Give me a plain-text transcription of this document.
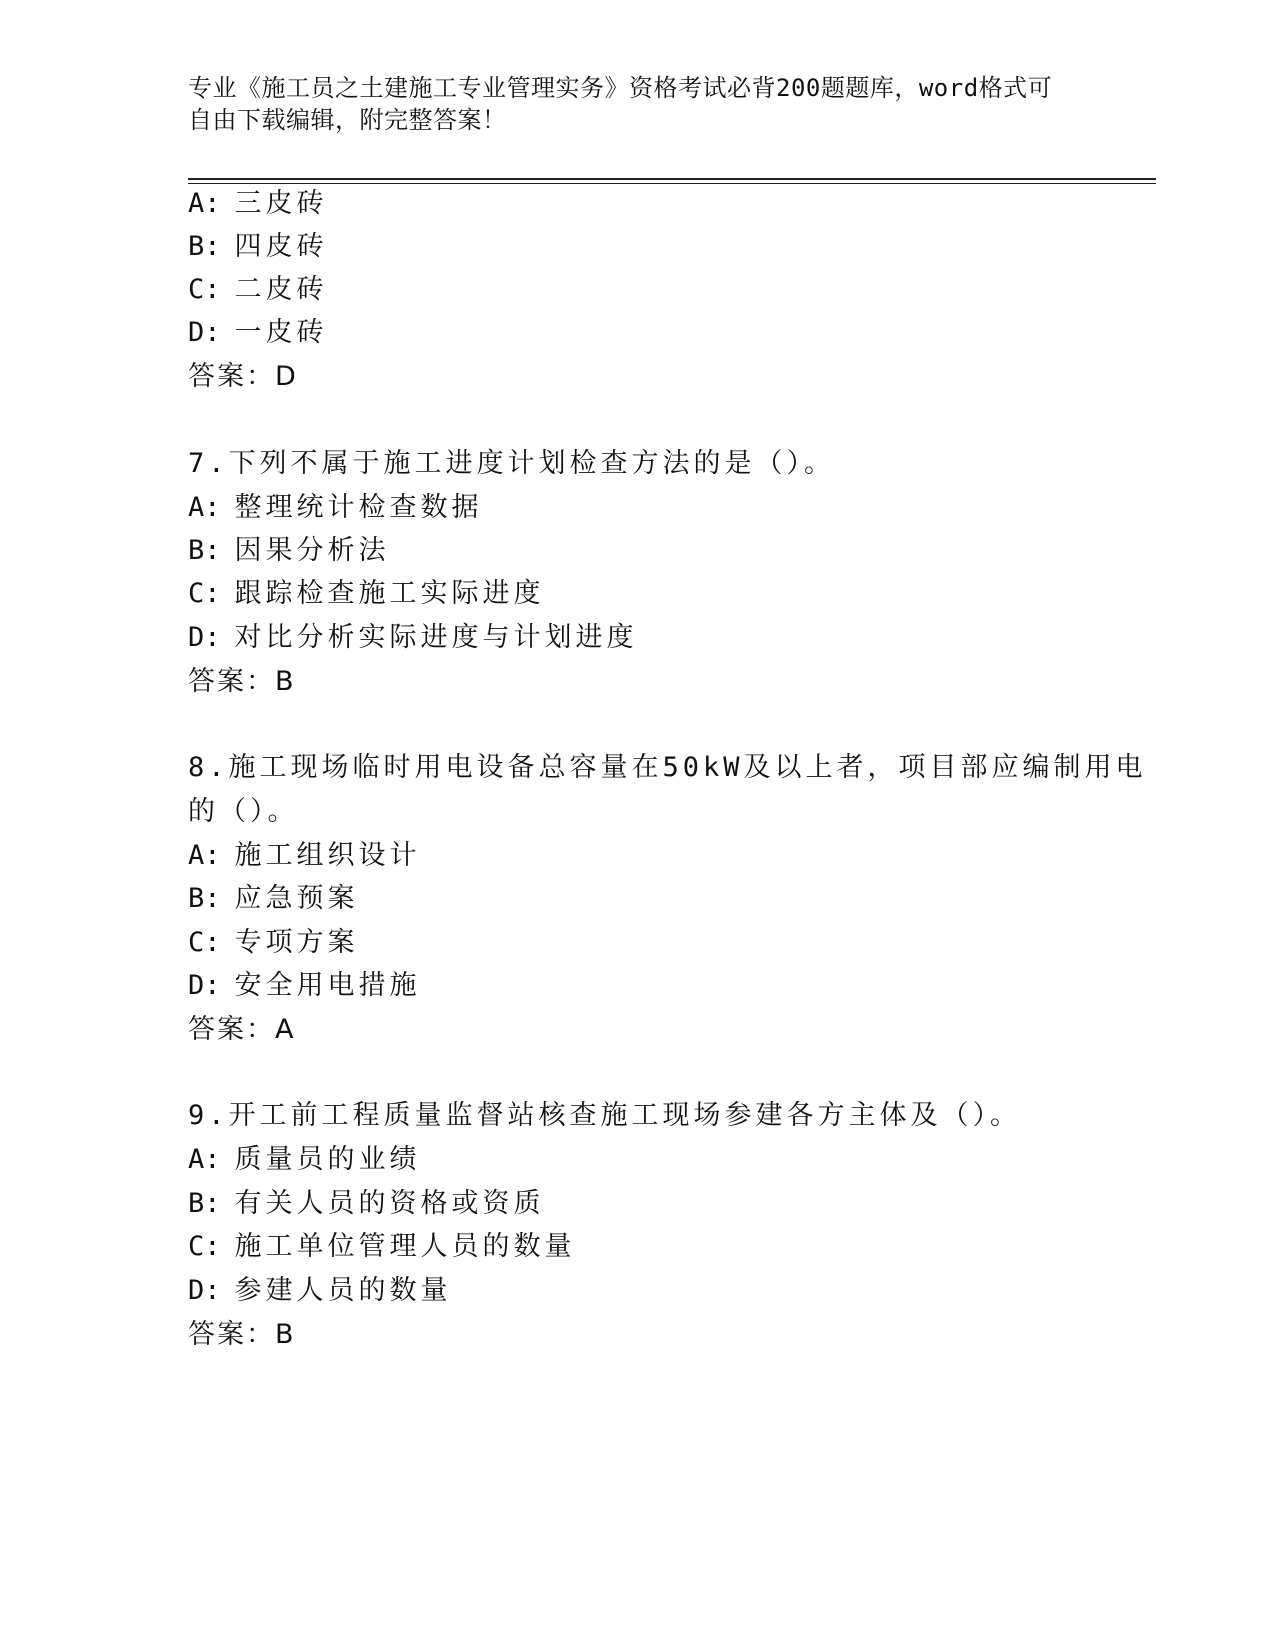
专业《施工员之土建施工专业管理实务》资格考试必背200题题库，word格式可
自由下载编辑，附完整答案！
A: 三皮砖
B: 四皮砖
C: 二皮砖
D: 一皮砖
答案：D
7.下列不属于施工进度计划检查方法的是（）。
A: 整理统计检查数据
B: 因果分析法
C: 跟踪检查施工实际进度
D: 对比分析实际进度与计划进度
答案：B
8.施工现场临时用电设备总容量在50kW及以上者，项目部应编制用电
的（）。
A: 施工组织设计
B: 应急预案
C: 专项方案
D: 安全用电措施
答案：A
9.开工前工程质量监督站核查施工现场参建各方主体及（）。
A: 质量员的业绩
B: 有关人员的资格或资质
C: 施工单位管理人员的数量
D: 参建人员的数量
答案：B
